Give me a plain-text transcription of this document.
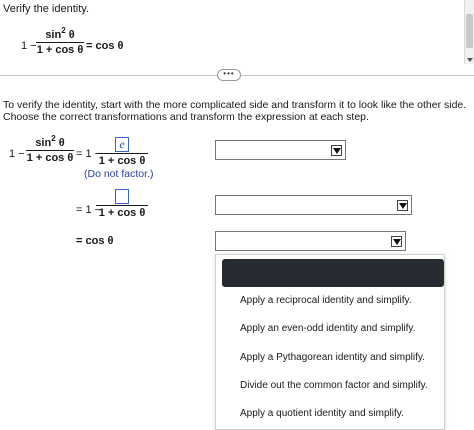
Verify the identity.
1 −
$\sin^2 \theta$
1 + cos θ = cos θ
•••
To verify the identity, start with the more complicated side and transform it to look like the other side. Choose the correct transformations and transform the expression at each step.
1 −
$\sin^2 \theta$
1 + cos θ = 1 −
e
1 + cos θ
(Do not factor.)
= 1 −
1 + cos θ
= cos θ
Apply a reciprocal identity and simplify.
Apply an even-odd identity and simplify.
Apply a Pythagorean identity and simplify.
Divide out the common factor and simplify.
Apply a quotient identity and simplify.
